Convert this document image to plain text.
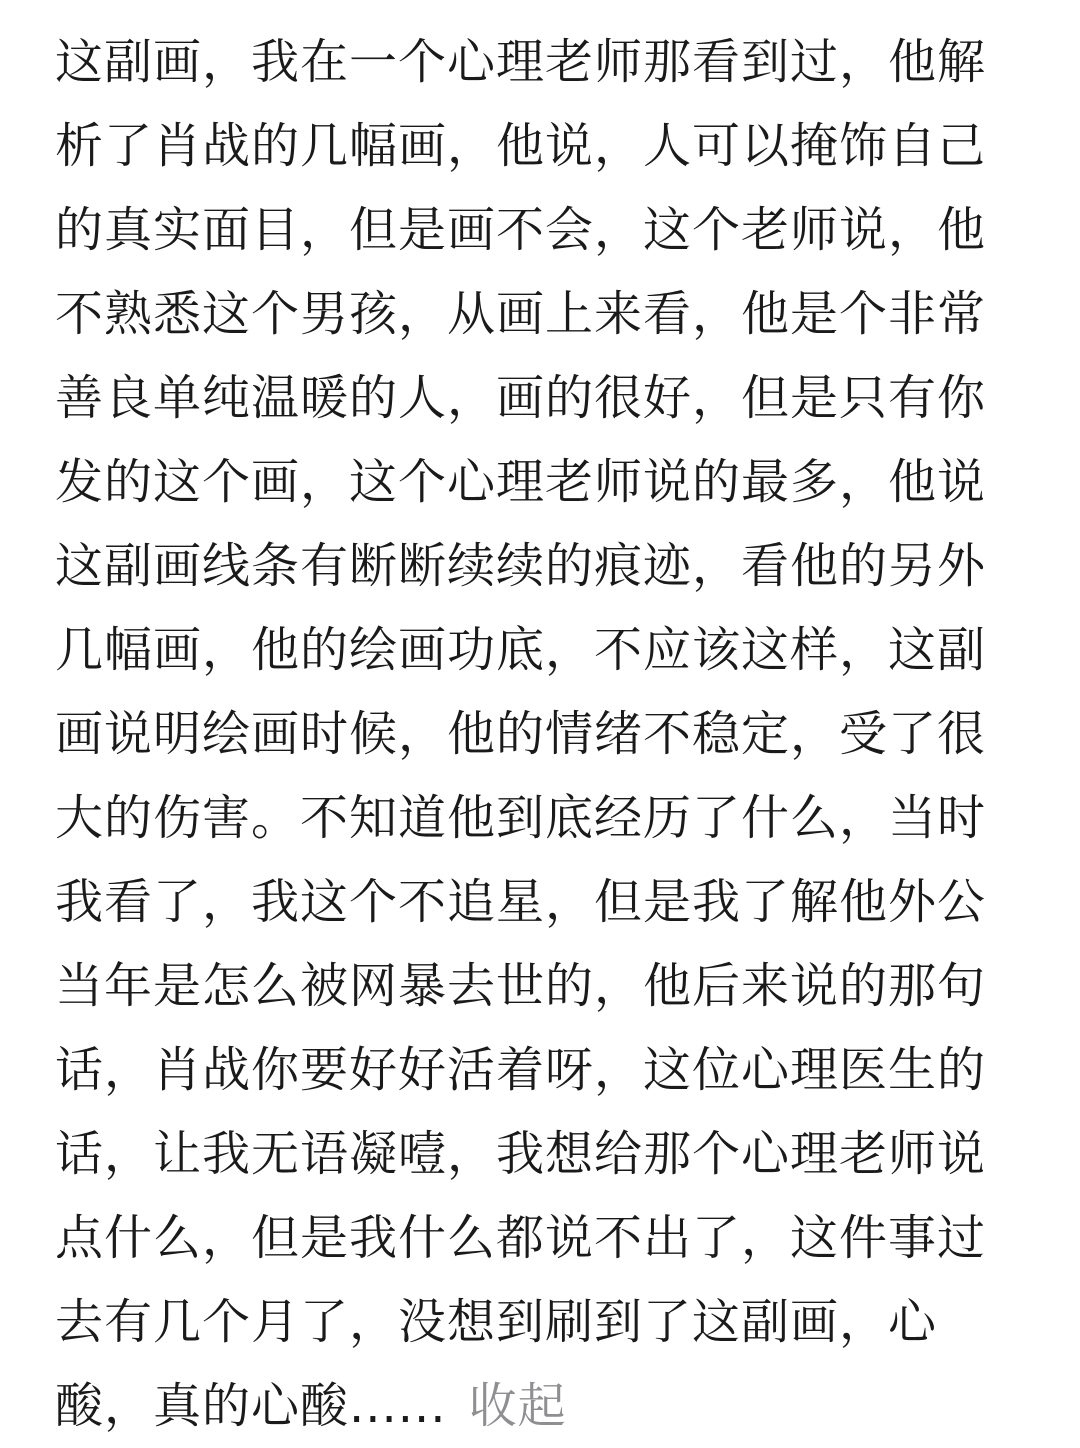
这副画，我在一个心理老师那看到过，他解
析了肖战的几幅画，他说，人可以掩饰自己
的真实面目，但是画不会，这个老师说，他
不熟悉这个男孩，从画上来看，他是个非常
善良单纯温暖的人，画的很好，但是只有你
发的这个画，这个心理老师说的最多，他说
这副画线条有断断续续的痕迹，看他的另外
几幅画，他的绘画功底，不应该这样，这副
画说明绘画时候，他的情绪不稳定，受了很
大的伤害。不知道他到底经历了什么，当时
我看了，我这个不追星，但是我了解他外公
当年是怎么被网暴去世的，他后来说的那句
话，肖战你要好好活着呀，这位心理医生的
话，让我无语凝噎，我想给那个心理老师说
点什么，但是我什么都说不出了，这件事过
去有几个月了，没想到刷到了这副画，心
酸，真的心酸...... 收起
